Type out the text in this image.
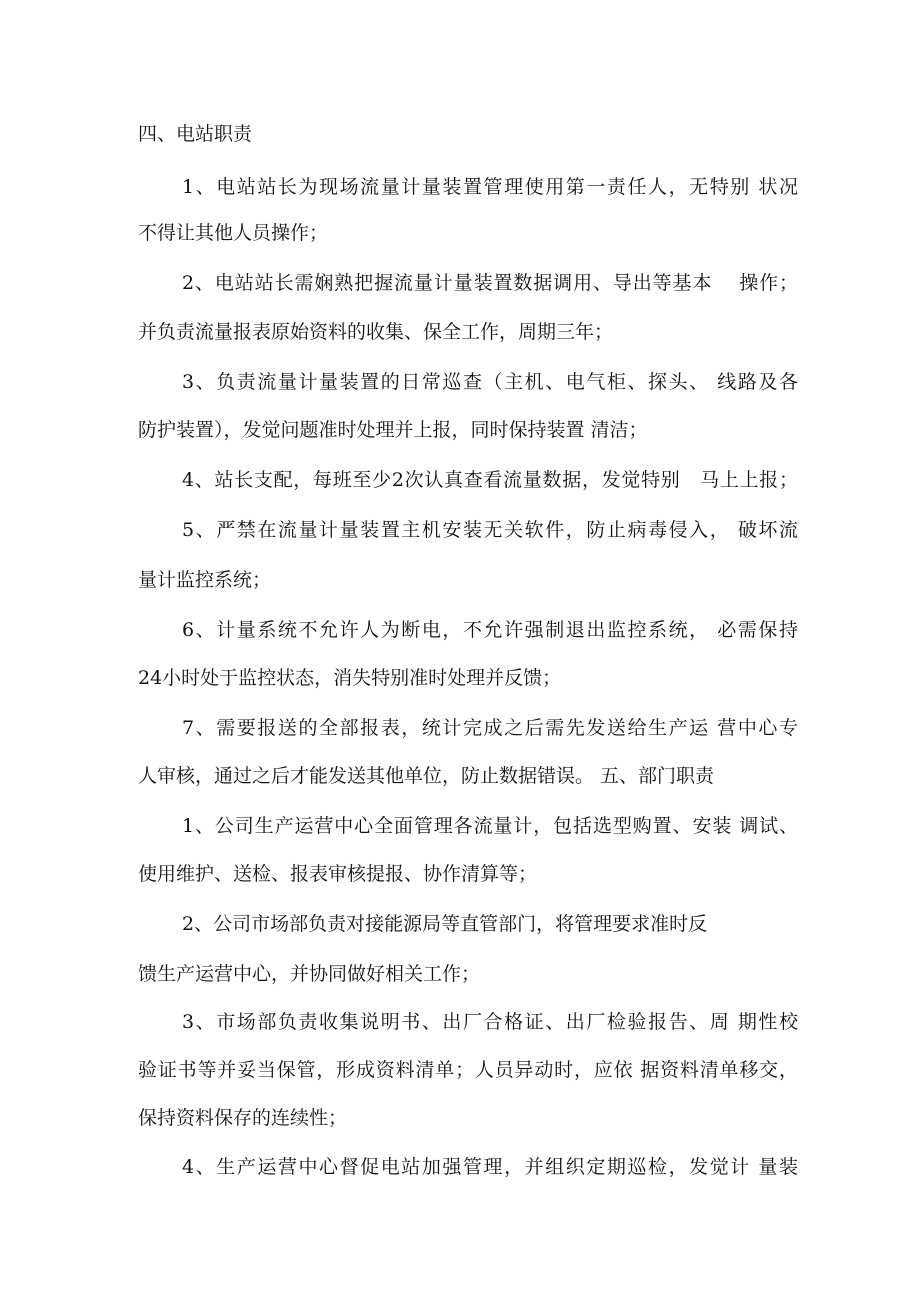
四、电站职责
1、电站站长为现场流量计量装置管理使用第一责任人，无特别 状况
不得让其他人员操作；
2、电站站长需娴熟把握流量计量装置数据调用、导出等基本　 操作；
并负责流量报表原始资料的收集、保全工作，周期三年；
3、负责流量计量装置的日常巡查（主机、电气柜、探头、 线路及各
防护装置），发觉问题准时处理并上报，同时保持装置 清洁；
4、站长支配，每班至少2次认真查看流量数据，发觉特别　马上上报；
5、严禁在流量计量装置主机安装无关软件，防止病毒侵入， 破坏流
量计监控系统；
6、计量系统不允许人为断电，不允许强制退出监控系统， 必需保持
24小时处于监控状态，消失特别准时处理并反馈；
7、需要报送的全部报表，统计完成之后需先发送给生产运 营中心专
人审核，通过之后才能发送其他单位，防止数据错误。 五、部门职责
1、公司生产运营中心全面管理各流量计，包括选型购置、安装 调试、
使用维护、送检、报表审核提报、协作清算等；
2、公司市场部负责对接能源局等直管部门，将管理要求准时反
馈生产运营中心，并协同做好相关工作；
3、市场部负责收集说明书、出厂合格证、出厂检验报告、周 期性校
验证书等并妥当保管，形成资料清单；人员异动时，应依 据资料清单移交，
保持资料保存的连续性；
4、生产运营中心督促电站加强管理，并组织定期巡检，发觉计 量装
